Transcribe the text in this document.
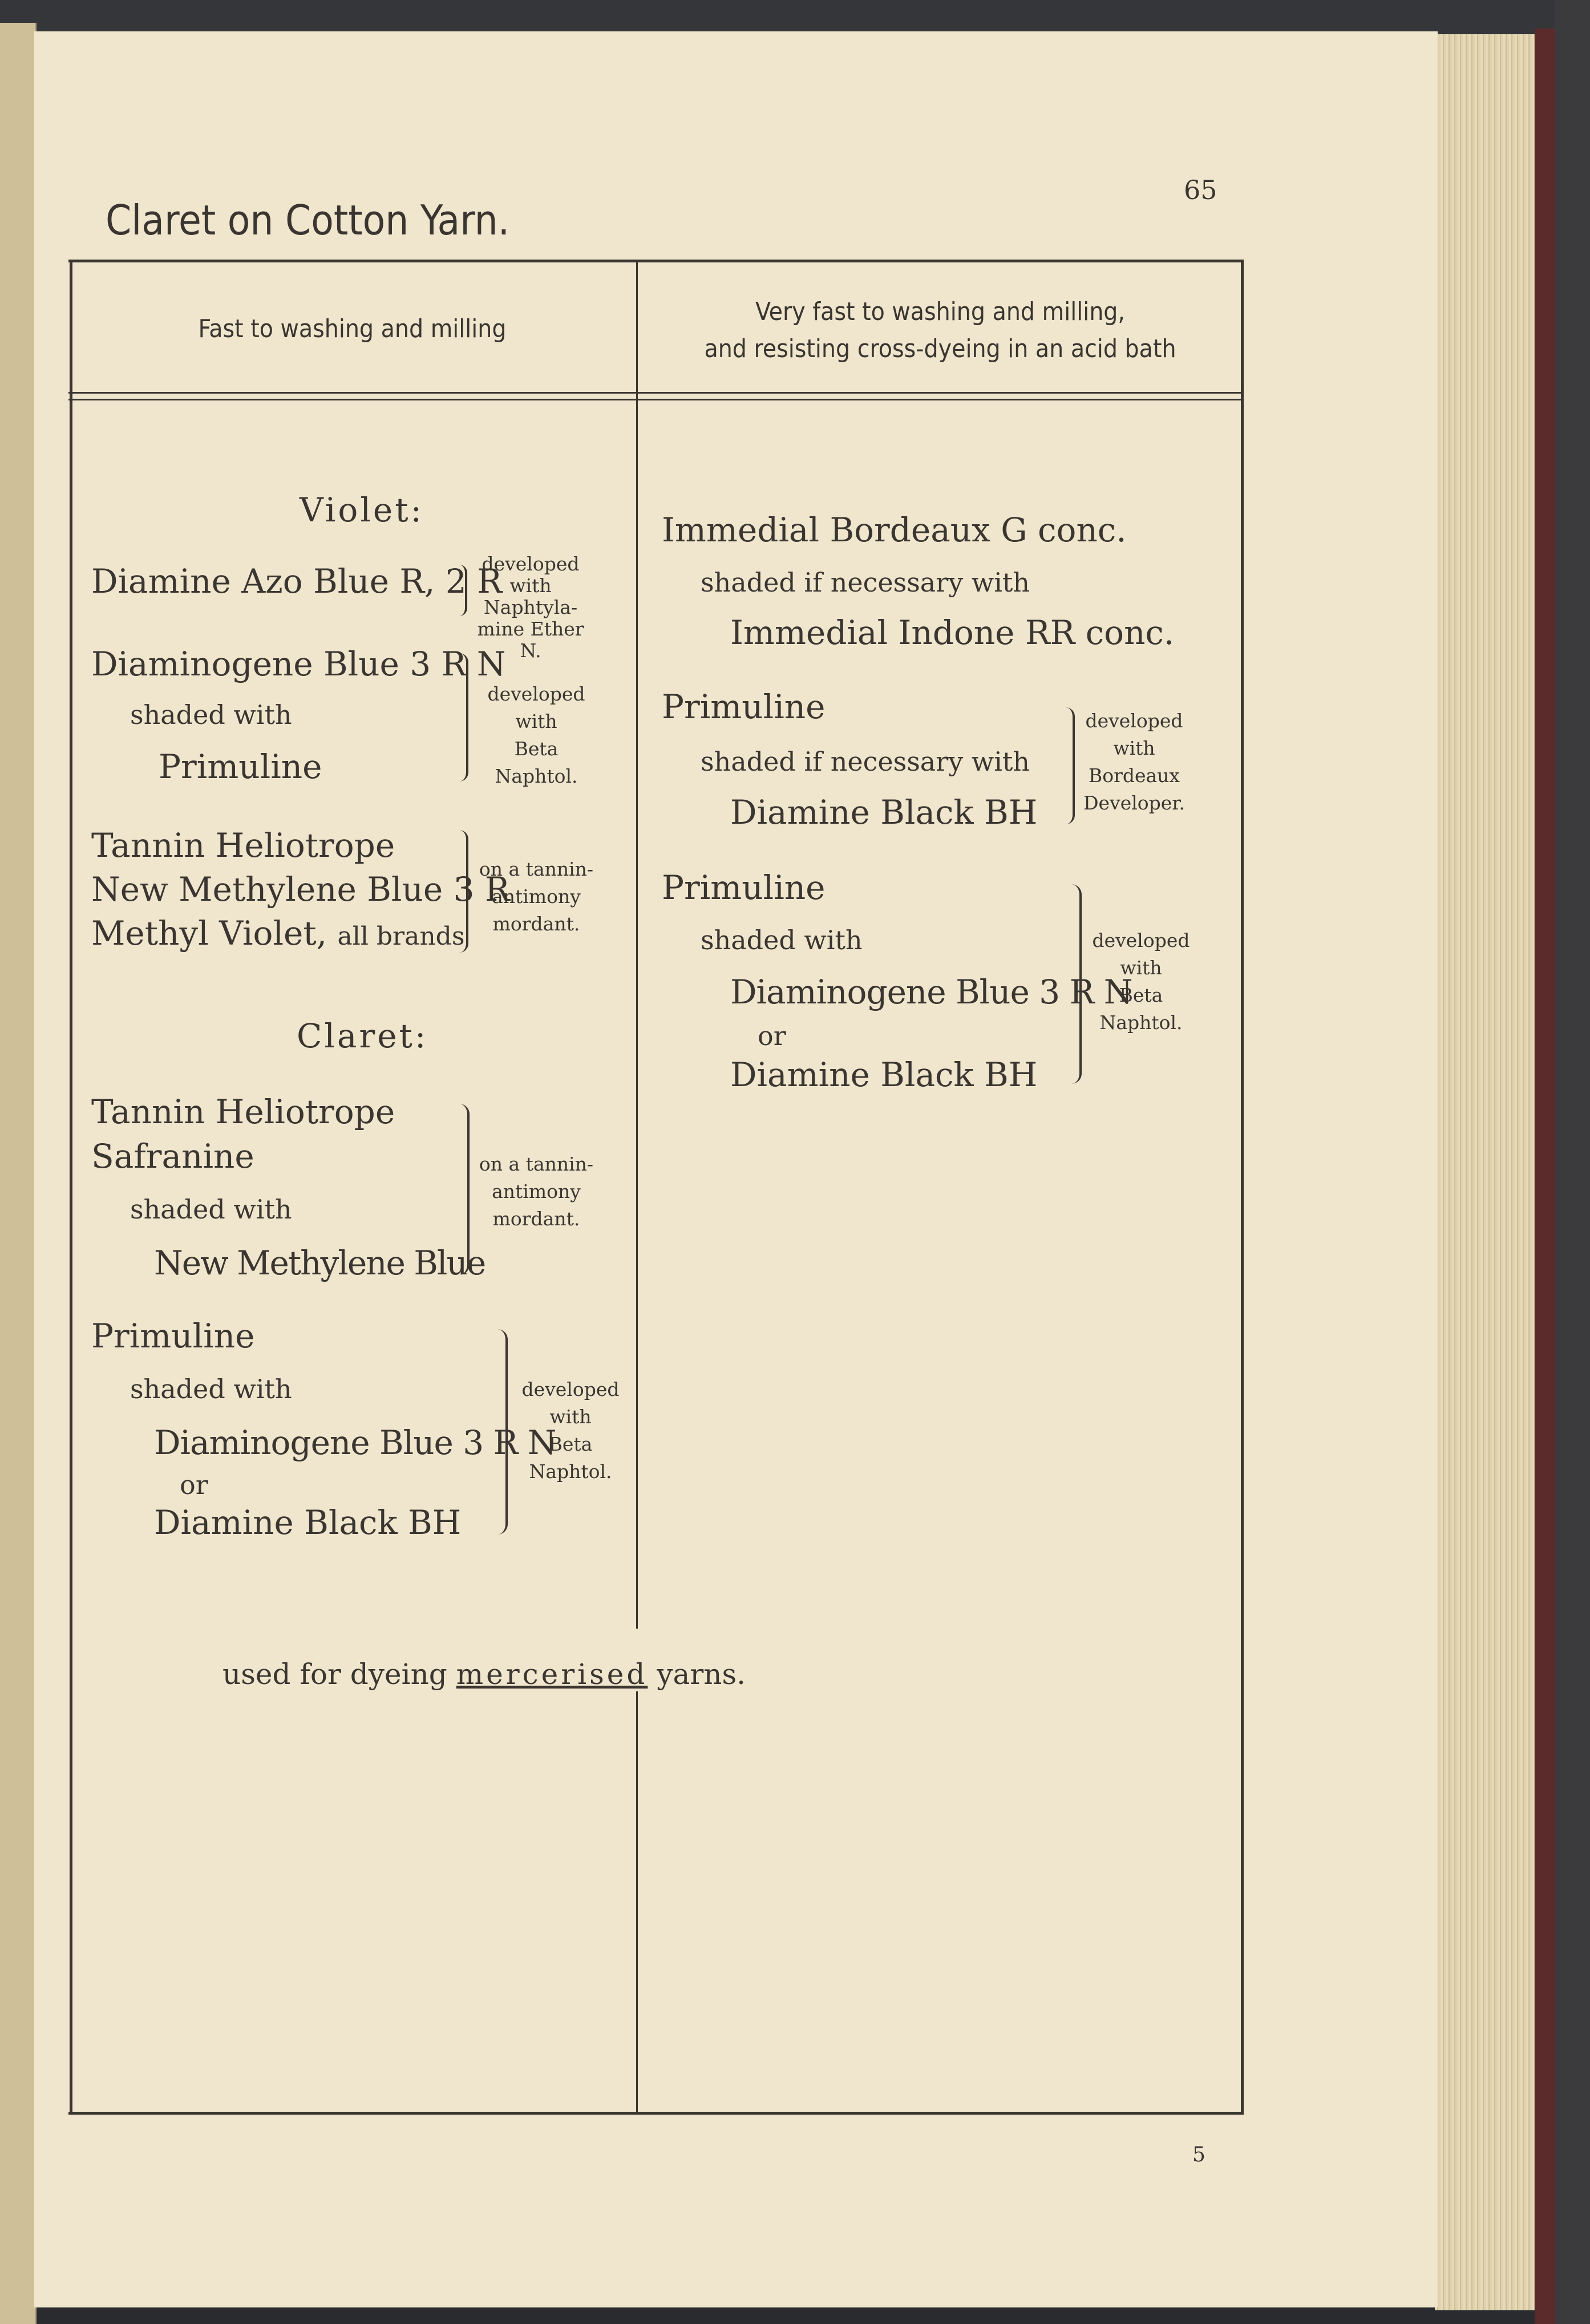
Claret on Cotton Yarn.
65
Fast to washing and milling
Very fast to washing and milling,
and resisting cross-dyeing in an acid bath
Violet:
Diamine Azo Blue R, 2 R
developed
with Naphtyla-
mine Ether N.
Diaminogene Blue 3 R N
shaded with
Primuline
developed
with
Beta Naphtol.
Tannin Heliotrope
New Methylene Blue 3 R
Methyl Violet, all brands
on a tannin-
antimony
mordant.
Claret:
Tannin Heliotrope
Safranine
shaded with
New Methylene Blue
on a tannin-
antimony
mordant.
Primuline
shaded with
Diaminogene Blue 3 R N
or
Diamine Black BH
developed
with
Beta
Naphtol.
Immedial Bordeaux G conc.
shaded if necessary with
Immedial Indone RR conc.
Primuline
shaded if necessary with
Diamine Black BH
developed
with
Bordeaux
Developer.
Primuline
shaded with
Diaminogene Blue 3 R N
or
Diamine Black BH
developed
with
Beta
Naphtol.
used for dyeing mercerised yarns.
5
